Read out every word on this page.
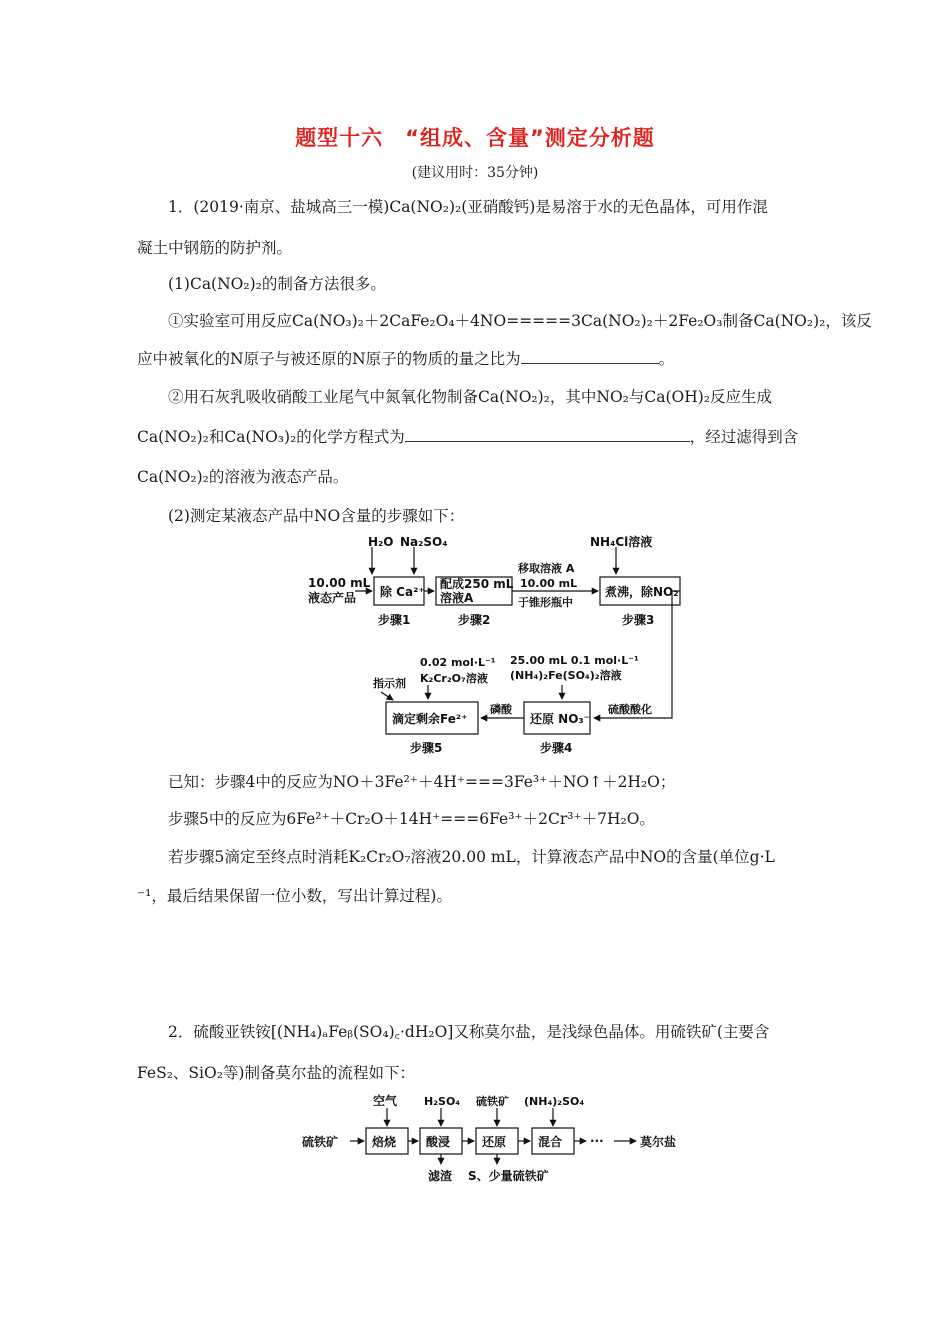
题型十六　“组成、含量”测定分析题
(建议用时：35分钟)
1．(2019·南京、盐城高三一模)Ca(NO₂)₂(亚硝酸钙)是易溶于水的无色晶体，可用作混
凝土中钢筋的防护剂。
(1)Ca(NO₂)₂的制备方法很多。
①实验室可用反应Ca(NO₃)₂＋2CaFe₂O₄＋4NO=====3Ca(NO₂)₂＋2Fe₂O₃制备Ca(NO₂)₂，该反
应中被氧化的N原子与被还原的N原子的物质的量之比为	。
②用石灰乳吸收硝酸工业尾气中氮氧化物制备Ca(NO₂)₂，其中NO₂与Ca(OH)₂反应生成
Ca(NO₂)₂和Ca(NO₃)₂的化学方程式为	，经过滤得到含
Ca(NO₂)₂的溶液为液态产品。
(2)测定某液态产品中NO含量的步骤如下：
H₂O Na₂SO₄	NH₄Cl溶液
10.00 mL
液态产品 除 Ca²⁺
配成250 mL
溶液A
移取溶液 A
10.00 mL
于锥形瓶中
煮沸，除NO₂
步骤1	步骤2	步骤3
0.02 mol·L⁻¹
K₂Cr₂O₇溶液
指示剂
25.00 mL 0.1 mol·L⁻¹
(NH₄)₂Fe(SO₄)₂溶液
滴定剩余Fe²⁺
磷酸
还原 NO₃⁻
硫酸酸化
步骤5	步骤4
已知：步骤4中的反应为NO＋3Fe²⁺＋4H⁺===3Fe³⁺＋NO↑＋2H₂O；
步骤5中的反应为6Fe²⁺＋Cr₂O＋14H⁺===6Fe³⁺＋2Cr³⁺＋7H₂O。
若步骤5滴定至终点时消耗K₂Cr₂O₇溶液20.00 mL，计算液态产品中NO的含量(单位g·L
⁻¹，最后结果保留一位小数，写出计算过程)。
2．硫酸亚铁铵[(NH₄)ₐFeᵦ(SO₄)꜀·dH₂O]又称莫尔盐，是浅绿色晶体。用硫铁矿(主要含
FeS₂、SiO₂等)制备莫尔盐的流程如下：
空气 H₂SO₄ 硫铁矿 (NH₄)₂SO₄
硫铁矿	焙烧 酸浸	还原	混合 ···	莫尔盐
滤渣 S、少量硫铁矿
